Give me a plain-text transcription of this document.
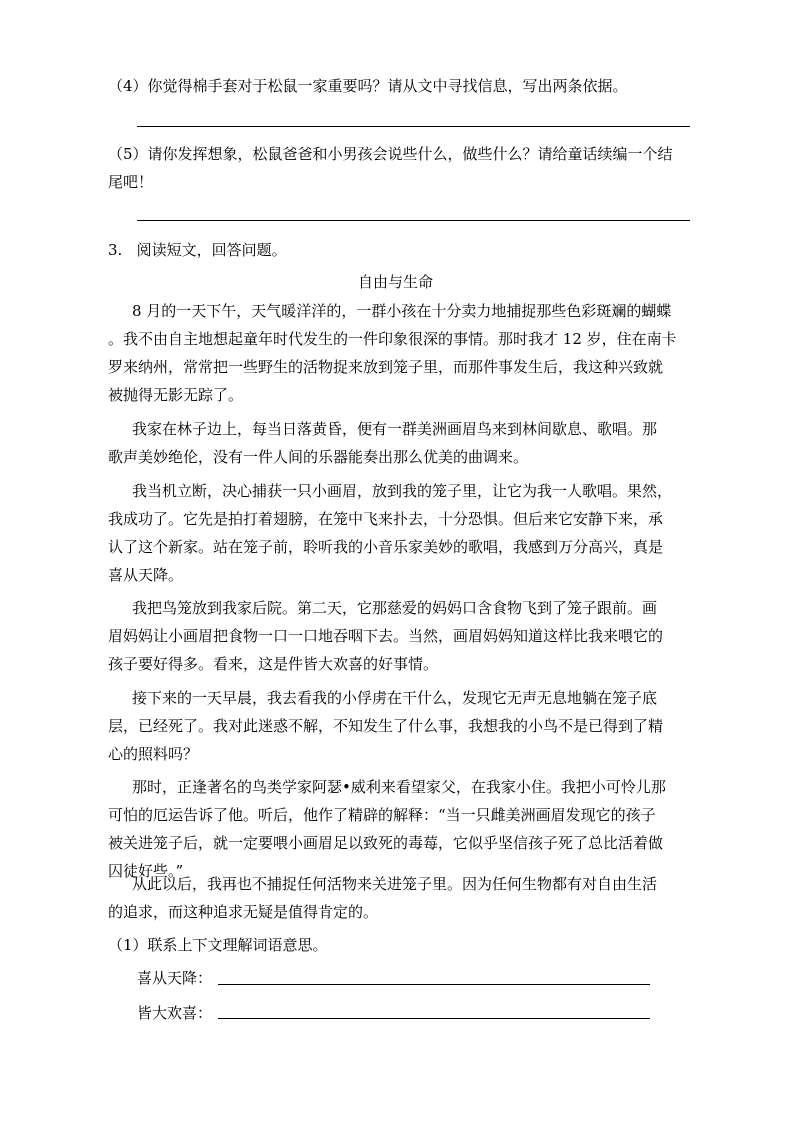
（4）你觉得棉手套对于松鼠一家重要吗？请从文中寻找信息，写出两条依据。

（5）请你发挥想象，松鼠爸爸和小男孩会说些什么，做些什么？请给童话续编一个结

尾吧！

3.   阅读短文，回答问题。

自由与生命

8 月的一天下午，天气暖洋洋的，一群小孩在十分卖力地捕捉那些色彩斑斓的蝴蝶

。我不由自主地想起童年时代发生的一件印象很深的事情。那时我才 12 岁，住在南卡

罗来纳州，常常把一些野生的活物捉来放到笼子里，而那件事发生后，我这种兴致就

被抛得无影无踪了。

我家在林子边上，每当日落黄昏，便有一群美洲画眉鸟来到林间歇息、歌唱。那

歌声美妙绝伦，没有一件人间的乐器能奏出那么优美的曲调来。

我当机立断，决心捕获一只小画眉，放到我的笼子里，让它为我一人歌唱。果然，

我成功了。它先是拍打着翅膀，在笼中飞来扑去，十分恐惧。但后来它安静下来，承

认了这个新家。站在笼子前，聆听我的小音乐家美妙的歌唱，我感到万分高兴，真是

喜从天降。

我把鸟笼放到我家后院。第二天，它那慈爱的妈妈口含食物飞到了笼子跟前。画

眉妈妈让小画眉把食物一口一口地吞咽下去。当然，画眉妈妈知道这样比我来喂它的

孩子要好得多。看来，这是件皆大欢喜的好事情。

接下来的一天早晨，我去看我的小俘虏在干什么，发现它无声无息地躺在笼子底

层，已经死了。我对此迷惑不解，不知发生了什么事，我想我的小鸟不是已得到了精

心的照料吗？

那时，正逢著名的鸟类学家阿瑟•威利来看望家父，在我家小住。我把小可怜儿那

可怕的厄运告诉了他。听后，他作了精辟的解释：“当一只雌美洲画眉发现它的孩子

被关进笼子后，就一定要喂小画眉足以致死的毒莓，它似乎坚信孩子死了总比活着做

囚徒好些。”

从此以后，我再也不捕捉任何活物来关进笼子里。因为任何生物都有对自由生活

的追求，而这种追求无疑是值得肯定的。

（1）联系上下文理解词语意思。

喜从天降：

皆大欢喜：
